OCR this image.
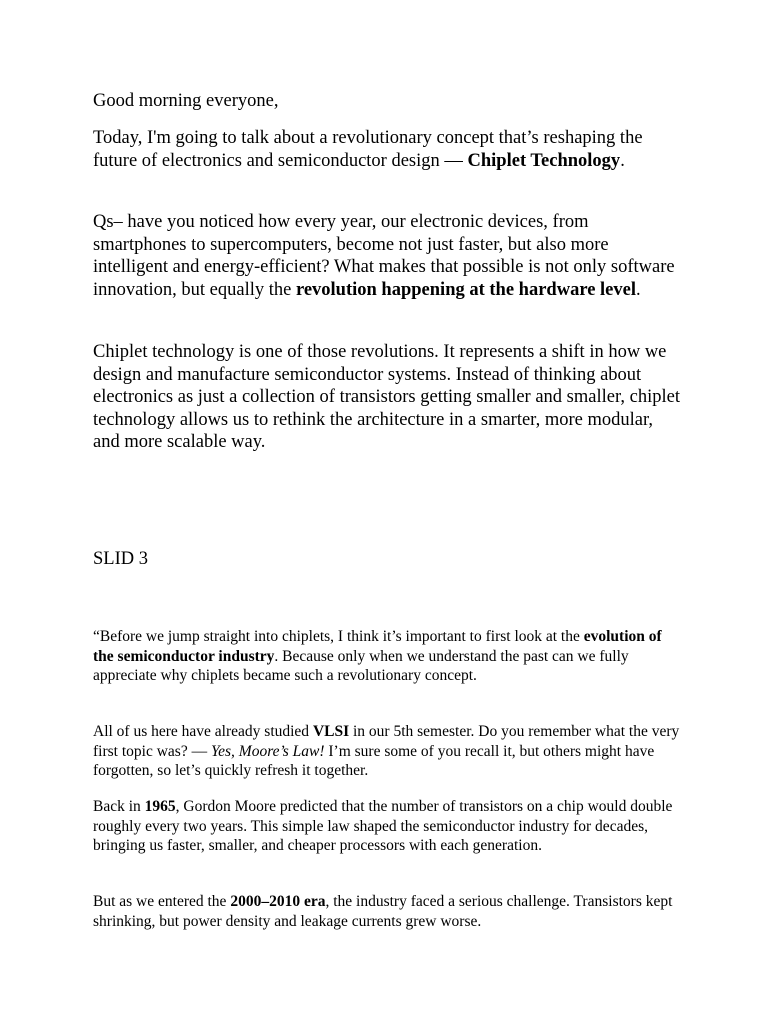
Good morning everyone,

Today, I'm going to talk about a revolutionary concept that’s reshaping the future of electronics and semiconductor design — Chiplet Technology.

Qs– have you noticed how every year, our electronic devices, from smartphones to supercomputers, become not just faster, but also more intelligent and energy-efficient? What makes that possible is not only software innovation, but equally the revolution happening at the hardware level.

Chiplet technology is one of those revolutions. It represents a shift in how we design and manufacture semiconductor systems. Instead of thinking about electronics as just a collection of transistors getting smaller and smaller, chiplet technology allows us to rethink the architecture in a smarter, more modular, and more scalable way.

SLID 3

“Before we jump straight into chiplets, I think it’s important to first look at the evolution of the semiconductor industry. Because only when we understand the past can we fully appreciate why chiplets became such a revolutionary concept.

All of us here have already studied VLSI in our 5th semester. Do you remember what the very first topic was? — Yes, Moore’s Law! I’m sure some of you recall it, but others might have forgotten, so let’s quickly refresh it together.

Back in 1965, Gordon Moore predicted that the number of transistors on a chip would double roughly every two years. This simple law shaped the semiconductor industry for decades, bringing us faster, smaller, and cheaper processors with each generation.

But as we entered the 2000–2010 era, the industry faced a serious challenge. Transistors kept shrinking, but power density and leakage currents grew worse.
